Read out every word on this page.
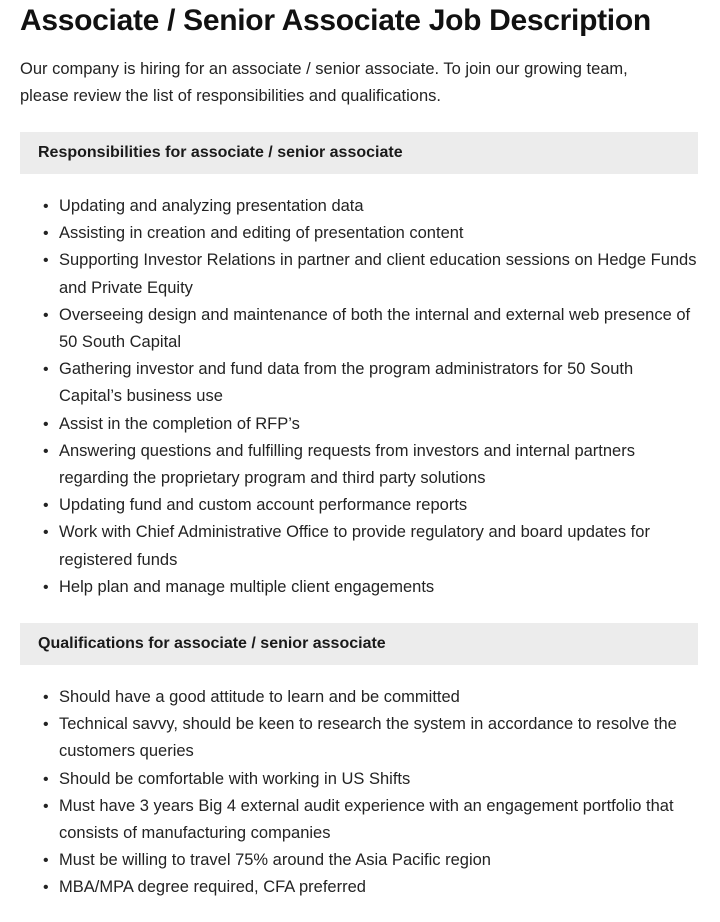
Associate / Senior Associate Job Description

Our company is hiring for an associate / senior associate. To join our growing team, please review the list of responsibilities and qualifications.

Responsibilities for associate / senior associate
• Updating and analyzing presentation data
• Assisting in creation and editing of presentation content
• Supporting Investor Relations in partner and client education sessions on Hedge Funds and Private Equity
• Overseeing design and maintenance of both the internal and external web presence of 50 South Capital
• Gathering investor and fund data from the program administrators for 50 South Capital’s business use
• Assist in the completion of RFP’s
• Answering questions and fulfilling requests from investors and internal partners regarding the proprietary program and third party solutions
• Updating fund and custom account performance reports
• Work with Chief Administrative Office to provide regulatory and board updates for registered funds
• Help plan and manage multiple client engagements
Qualifications for associate / senior associate
• Should have a good attitude to learn and be committed
• Technical savvy, should be keen to research the system in accordance to resolve the customers queries
• Should be comfortable with working in US Shifts
• Must have 3 years Big 4 external audit experience with an engagement portfolio that consists of manufacturing companies
• Must be willing to travel 75% around the Asia Pacific region
• MBA/MPA degree required, CFA preferred
